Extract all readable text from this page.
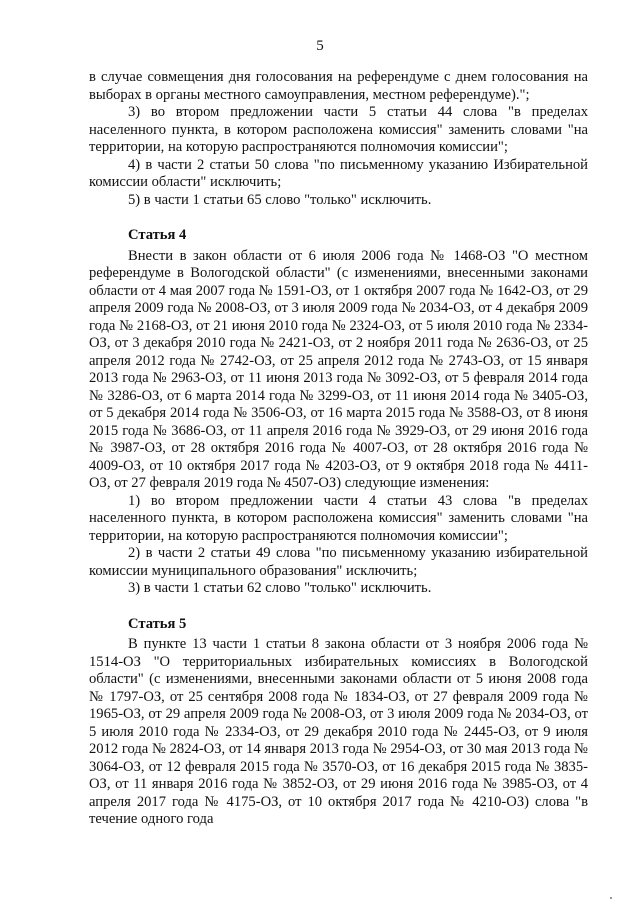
5

в случае совмещения дня голосования на референдуме с днем голосования на выборах в органы местного самоуправления, местном референдуме).";

3) во втором предложении части 5 статьи 44 слова "в пределах населенного пункта, в котором расположена комиссия" заменить словами "на территории, на которую распространяются полномочия комиссии";

4) в части 2 статьи 50 слова "по письменному указанию Избирательной комиссии области" исключить;

5) в части 1 статьи 65 слово "только" исключить.

Статья 4

Внести в закон области от 6 июля 2006 года № 1468-ОЗ "О местном референдуме в Вологодской области" (с изменениями, внесенными законами области от 4 мая 2007 года № 1591-ОЗ, от 1 октября 2007 года № 1642-ОЗ, от 29 апреля 2009 года № 2008-ОЗ, от 3 июля 2009 года № 2034-ОЗ, от 4 декабря 2009 года № 2168-ОЗ, от 21 июня 2010 года № 2324-ОЗ, от 5 июля 2010 года № 2334-ОЗ, от 3 декабря 2010 года № 2421-ОЗ, от 2 ноября 2011 года № 2636-ОЗ, от 25 апреля 2012 года № 2742-ОЗ, от 25 апреля 2012 года № 2743-ОЗ, от 15 января 2013 года № 2963-ОЗ, от 11 июня 2013 года № 3092-ОЗ, от 5 февраля 2014 года № 3286-ОЗ, от 6 марта 2014 года № 3299-ОЗ, от 11 июня 2014 года № 3405-ОЗ, от 5 декабря 2014 года № 3506-ОЗ, от 16 марта 2015 года № 3588-ОЗ, от 8 июня 2015 года № 3686-ОЗ, от 11 апреля 2016 года № 3929-ОЗ, от 29 июня 2016 года № 3987-ОЗ, от 28 октября 2016 года № 4007-ОЗ, от 28 октября 2016 года № 4009-ОЗ, от 10 октября 2017 года № 4203-ОЗ, от 9 октября 2018 года № 4411-ОЗ, от 27 февраля 2019 года № 4507-ОЗ) следующие изменения:

1) во втором предложении части 4 статьи 43 слова "в пределах населенного пункта, в котором расположена комиссия" заменить словами "на территории, на которую распространяются полномочия комиссии";

2) в части 2 статьи 49 слова "по письменному указанию избирательной комиссии муниципального образования" исключить;

3) в части 1 статьи 62 слово "только" исключить.

Статья 5

В пункте 13 части 1 статьи 8 закона области от 3 ноября 2006 года № 1514-ОЗ "О территориальных избирательных комиссиях в Вологодской области" (с изменениями, внесенными законами области от 5 июня 2008 года № 1797-ОЗ, от 25 сентября 2008 года № 1834-ОЗ, от 27 февраля 2009 года № 1965-ОЗ, от 29 апреля 2009 года № 2008-ОЗ, от 3 июля 2009 года № 2034-ОЗ, от 5 июля 2010 года № 2334-ОЗ, от 29 декабря 2010 года № 2445-ОЗ, от 9 июля 2012 года № 2824-ОЗ, от 14 января 2013 года № 2954-ОЗ, от 30 мая 2013 года № 3064-ОЗ, от 12 февраля 2015 года № 3570-ОЗ, от 16 декабря 2015 года № 3835-ОЗ, от 11 января 2016 года № 3852-ОЗ, от 29 июня 2016 года № 3985-ОЗ, от 4 апреля 2017 года № 4175-ОЗ, от 10 октября 2017 года № 4210-ОЗ) слова "в течение одного года
